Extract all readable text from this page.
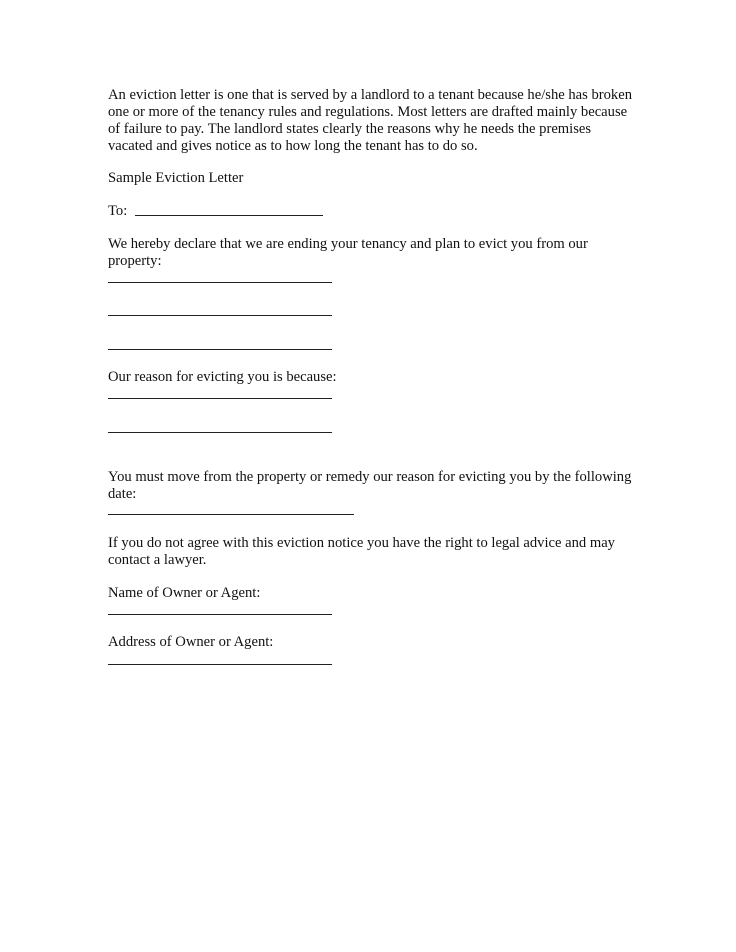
An eviction letter is one that is served by a landlord to a tenant because he/she has broken
one or more of the tenancy rules and regulations. Most letters are drafted mainly because
of failure to pay. The landlord states clearly the reasons why he needs the premises
vacated and gives notice as to how long the tenant has to do so.
Sample Eviction Letter
To:
We hereby declare that we are ending your tenancy and plan to evict you from our
property:
Our reason for evicting you is because:
You must move from the property or remedy our reason for evicting you by the following
date:
If you do not agree with this eviction notice you have the right to legal advice and may
contact a lawyer.
Name of Owner or Agent:
Address of Owner or Agent:
